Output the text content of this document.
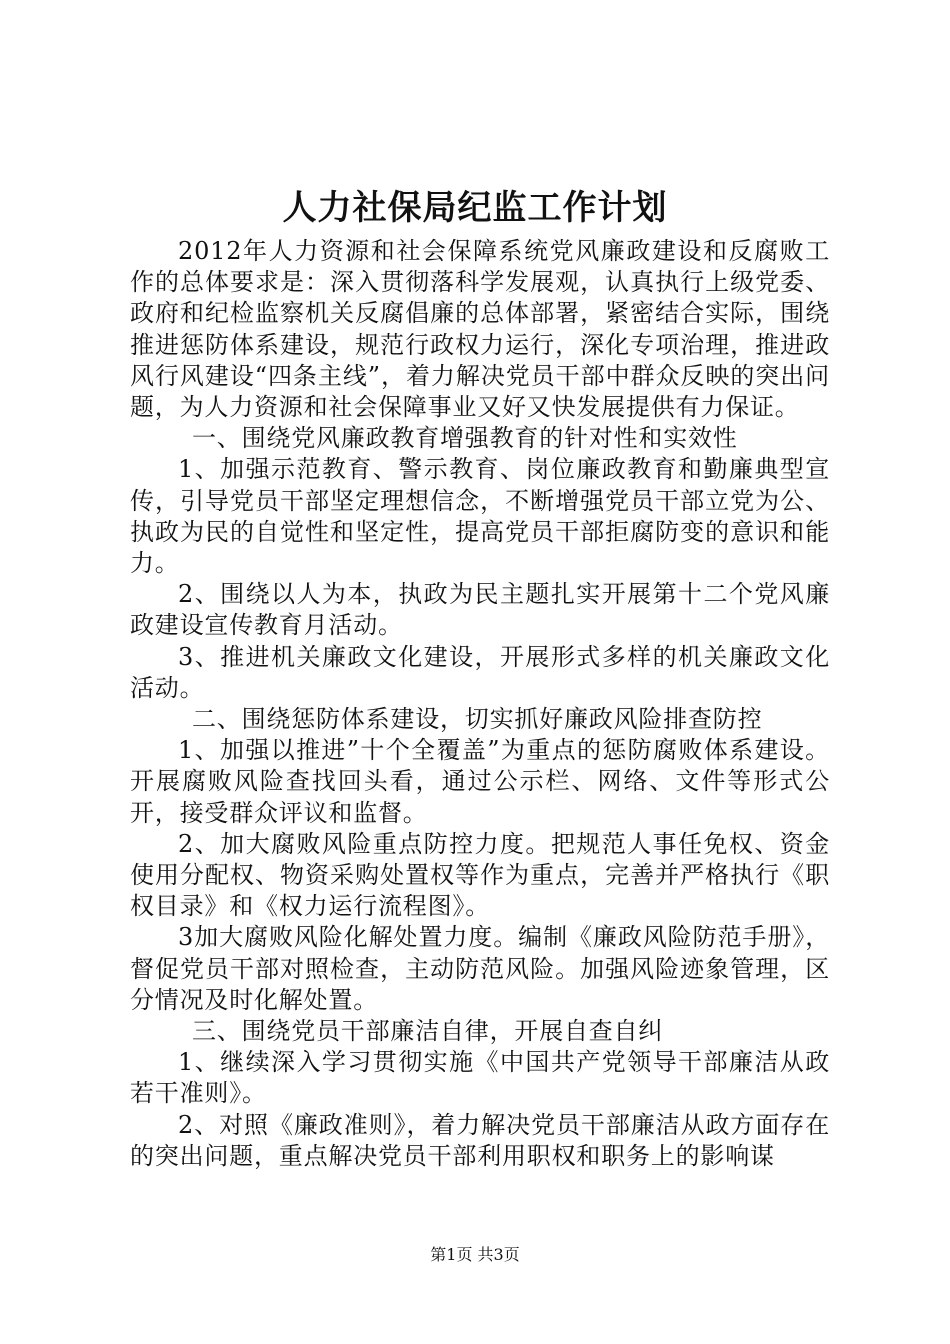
人力社保局纪监工作计划

2012年人力资源和社会保障系统党风廉政建设和反腐败工作的总体要求是：深入贯彻落科学发展观，认真执行上级党委、政府和纪检监察机关反腐倡廉的总体部署，紧密结合实际，围绕推进惩防体系建设，规范行政权力运行，深化专项治理，推进政风行风建设“四条主线”，着力解决党员干部中群众反映的突出问题，为人力资源和社会保障事业又好又快发展提供有力保证。

一、围绕党风廉政教育增强教育的针对性和实效性

1、加强示范教育、警示教育、岗位廉政教育和勤廉典型宣传，引导党员干部坚定理想信念，不断增强党员干部立党为公、执政为民的自觉性和坚定性，提高党员干部拒腐防变的意识和能力。

2、围绕以人为本，执政为民主题扎实开展第十二个党风廉政建设宣传教育月活动。

3、推进机关廉政文化建设，开展形式多样的机关廉政文化活动。

二、围绕惩防体系建设，切实抓好廉政风险排查防控

1、加强以推进”十个全覆盖”为重点的惩防腐败体系建设。开展腐败风险查找回头看，通过公示栏、网络、文件等形式公开，接受群众评议和监督。

2、加大腐败风险重点防控力度。把规范人事任免权、资金使用分配权、物资采购处置权等作为重点，完善并严格执行《职权目录》和《权力运行流程图》。

3加大腐败风险化解处置力度。编制《廉政风险防范手册》，督促党员干部对照检查，主动防范风险。加强风险迹象管理，区分情况及时化解处置。

三、围绕党员干部廉洁自律，开展自查自纠

1、继续深入学习贯彻实施《中国共产党领导干部廉洁从政若干准则》。

2、对照《廉政准则》，着力解决党员干部廉洁从政方面存在的突出问题，重点解决党员干部利用职权和职务上的影响谋

第1页 共3页
